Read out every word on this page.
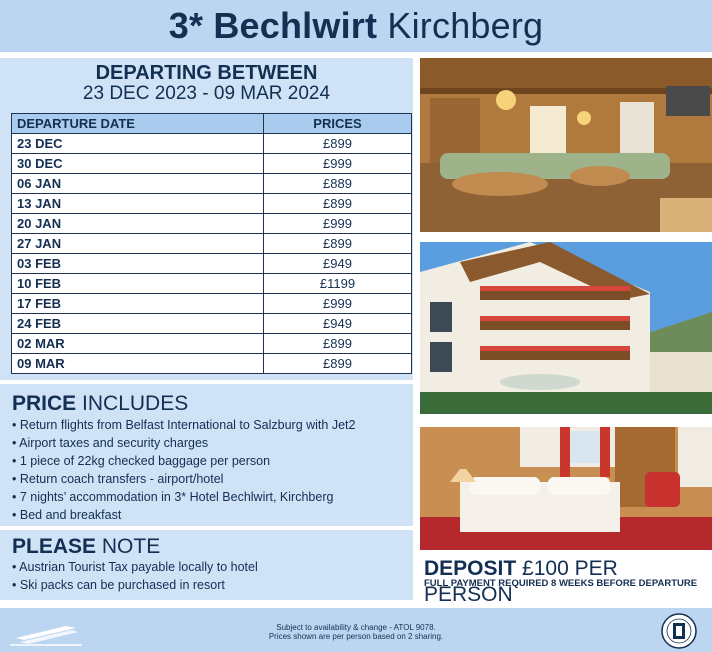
3* Bechlwirt Kirchberg
DEPARTING BETWEEN
23 DEC 2023 - 09 MAR 2024
DEPARTURE DATE	PRICES
23 DEC	£899
30 DEC	£999
06 JAN	£889
13 JAN	£899
20 JAN	£999
27 JAN	£899
03 FEB	£949
10 FEB	£1199
17 FEB	£999
24 FEB	£949
02 MAR	£899
09 MAR	£899
PRICE INCLUDES
• Return flights from Belfast International to Salzburg with Jet2
• Airport taxes and security charges
• 1 piece of 22kg checked baggage per person
• Return coach transfers - airport/hotel
• 7 nights’ accommodation in 3* Hotel Bechlwirt, Kirchberg
• Bed and breakfast
PLEASE NOTE
• Austrian Tourist Tax payable locally to hotel
• Ski packs can be purchased in resort
DEPOSIT £100 PER PERSON
FULL PAYMENT REQUIRED 8 WEEKS BEFORE DEPARTURE
Subject to availability & change - ATOL 9078.
Prices shown are per person based on 2 sharing.
